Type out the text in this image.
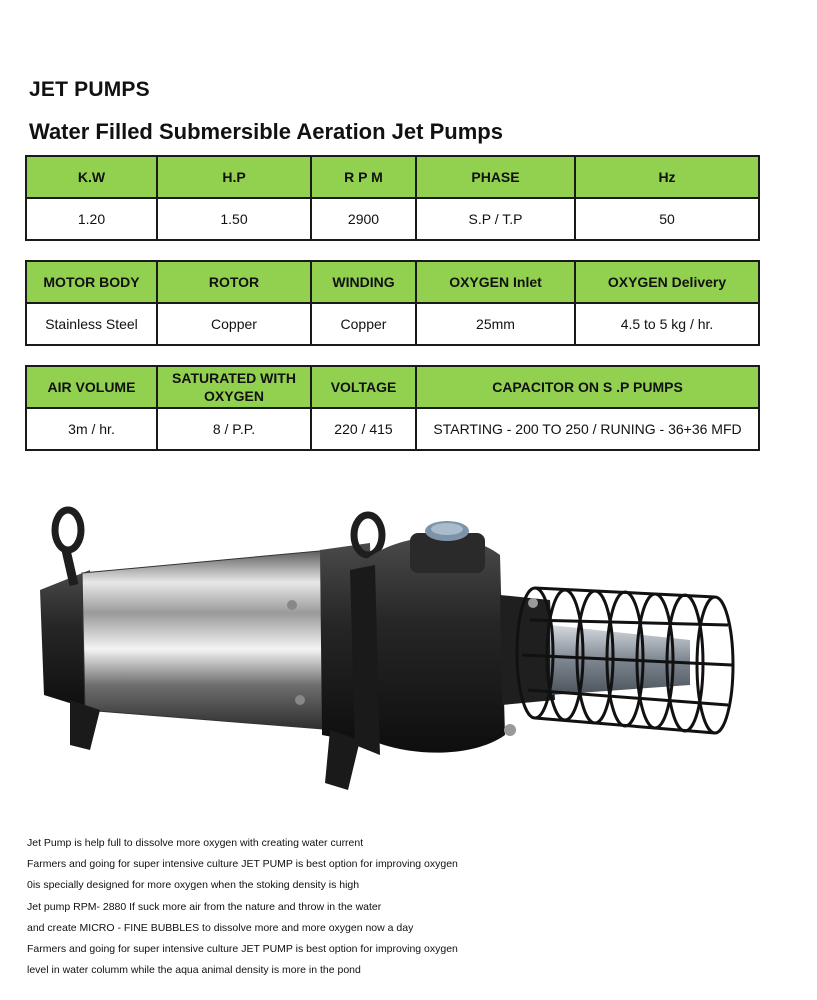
JET PUMPS
Water Filled Submersible Aeration Jet Pumps
K.W	H.P	R P M	PHASE	Hz
1.20	1.50	2900	S.P / T.P	50
MOTOR BODY	ROTOR	WINDING	OXYGEN Inlet	OXYGEN Delivery
Stainless Steel	Copper	Copper	25mm	4.5 to 5 kg / hr.
AIR VOLUME	SATURATED WITH OXYGEN	VOLTAGE	CAPACITOR ON S .P PUMPS
3m / hr.	8 / P.P.	220 / 415	STARTING - 200 TO 250 / RUNING - 36+36 MFD

Jet Pump is help full to dissolve more oxygen with creating water current

Farmers and going for super intensive culture JET PUMP is best option for improving oxygen

0is specially designed for more oxygen when the stoking density is high

Jet pump RPM- 2880 If suck more air from the nature and throw in the water

and create MICRO - FINE BUBBLES to dissolve more and more oxygen now a day

Farmers and going for super intensive culture JET PUMP is best option for improving oxygen

level in water columm while the aqua animal density is more in the pond
